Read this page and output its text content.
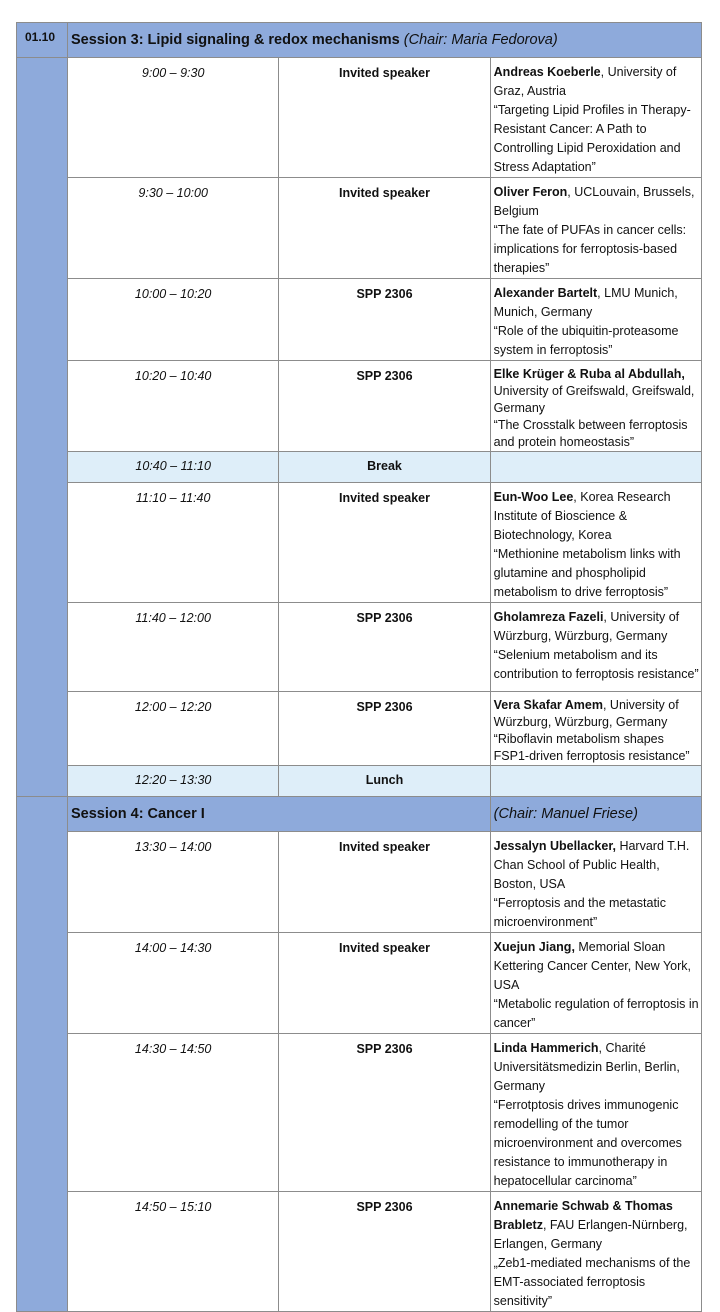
01.10	Session 3: Lipid signaling & redox mechanisms (Chair: Maria Fedorova)		
	9:00 – 9:30	Invited speaker	Andreas Koeberle, University of Graz, Austria
“Targeting Lipid Profiles in Therapy-Resistant Cancer: A Path to Controlling Lipid Peroxidation and Stress Adaptation”

	9:30 – 10:00	Invited speaker	Oliver Feron, UCLouvain, Brussels, Belgium
“The fate of PUFAs in cancer cells: implications for ferroptosis-based therapies”

	10:00 – 10:20	SPP 2306	Alexander Bartelt, LMU Munich, Munich, Germany
“Role of the ubiquitin-proteasome system in ferroptosis”

	10:20 – 10:40	SPP 2306	Elke Krüger & Ruba al Abdullah, University of Greifswald, Greifswald, Germany
“The Crosstalk between ferroptosis and protein homeostasis”

	10:40 – 11:10	Break	
	11:10 – 11:40	Invited speaker	Eun-Woo Lee, Korea Research Institute of Bioscience & Biotechnology, Korea
“Methionine metabolism links with glutamine and phospholipid metabolism to drive ferroptosis”

	11:40 – 12:00	SPP 2306	Gholamreza Fazeli, University of Würzburg, Würzburg, Germany
“Selenium metabolism and its contribution to ferroptosis resistance”

	12:00 – 12:20	SPP 2306	Vera Skafar Amem, University of Würzburg, Würzburg, Germany
“Riboflavin metabolism shapes FSP1-driven ferroptosis resistance”

	12:20 – 13:30	Lunch	
	Session 4: Cancer I		(Chair: Manuel Friese)
	13:30 – 14:00	Invited speaker	Jessalyn Ubellacker, Harvard T.H. Chan School of Public Health, Boston, USA
“Ferroptosis and the metastatic microenvironment”

	14:00 – 14:30	Invited speaker	Xuejun Jiang, Memorial Sloan Kettering Cancer Center, New York, USA
“Metabolic regulation of ferroptosis in cancer”

	14:30 – 14:50	SPP 2306	Linda Hammerich, Charité Universitätsmedizin Berlin, Berlin, Germany
“Ferrotptosis drives immunogenic remodelling of the tumor microenvironment and overcomes resistance to immunotherapy in hepatocellular carcinoma”

	14:50 – 15:10	SPP 2306	Annemarie Schwab & Thomas Brabletz, FAU Erlangen-Nürnberg, Erlangen, Germany
„Zeb1-mediated mechanisms of the EMT-associated ferroptosis sensitivity”
